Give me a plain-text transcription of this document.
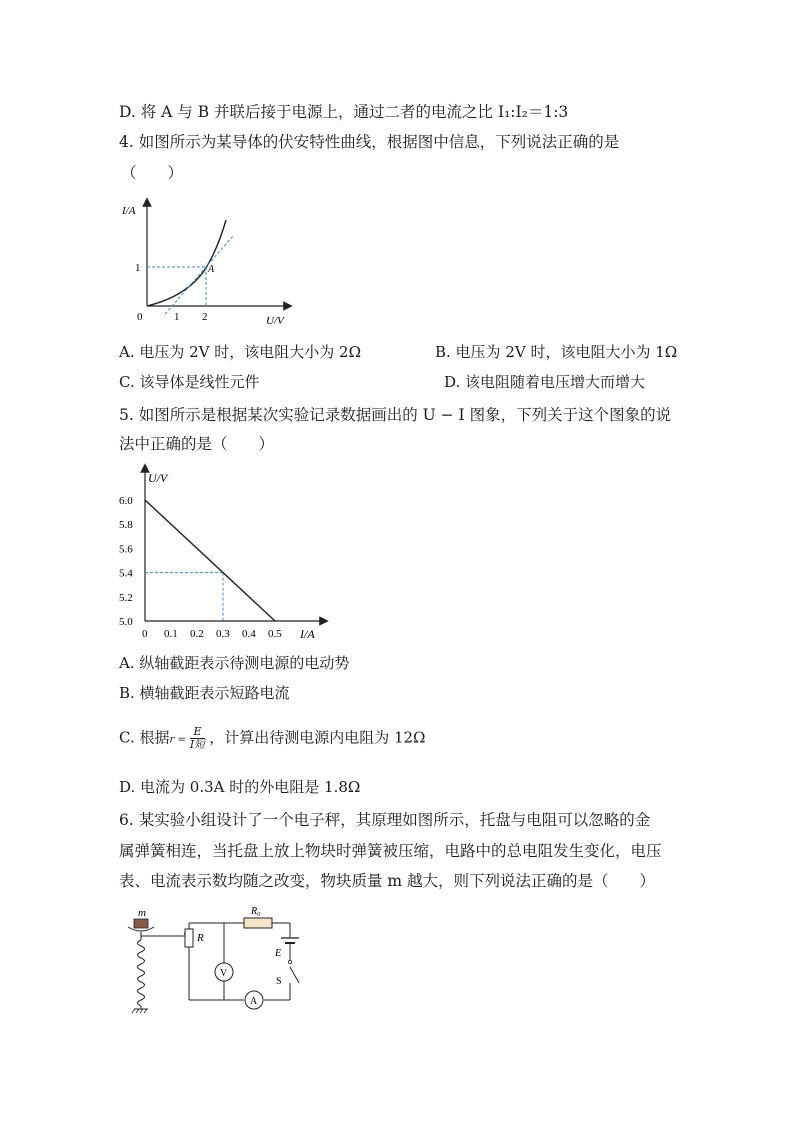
D. 将 A 与 B 并联后接于电源上，通过二者的电流之比 I₁:I₂＝1:3
4. 如图所示为某导体的伏安特性曲线，根据图中信息，下列说法正确的是
（　　）
I/A
U/V
0	1 2
1	A
A. 电压为 2V 时，该电阻大小为 2Ω	B. 电压为 2V 时，该电阻大小为 1Ω
C. 该导体是线性元件	D. 该电阻随着电压增大而增大
5. 如图所示是根据某次实验记录数据画出的 U − I 图象，下列关于这个图象的说
法中正确的是（　　）
0 0.1 0.2 0.3 0.4 0.5
5.0
5.2
5.4
5.6
5.8
6.0
U/V
I/A
A. 纵轴截距表示待测电源的电动势
B. 横轴截距表示短路电流
C. 根据$r = \frac{E}{\text{I短}}$ ，计算出待测电源内电阻为 12Ω
D. 电流为 0.3A 时的外电阻是 1.8Ω
6. 某实验小组设计了一个电子秤，其原理如图所示，托盘与电阻可以忽略的金
属弹簧相连，当托盘上放上物块时弹簧被压缩，电路中的总电阻发生变化，电压
表、电流表示数均随之改变，物块质量 m 越大，则下列说法正确的是（　　）
m
R
V
R₀
E
S
A
